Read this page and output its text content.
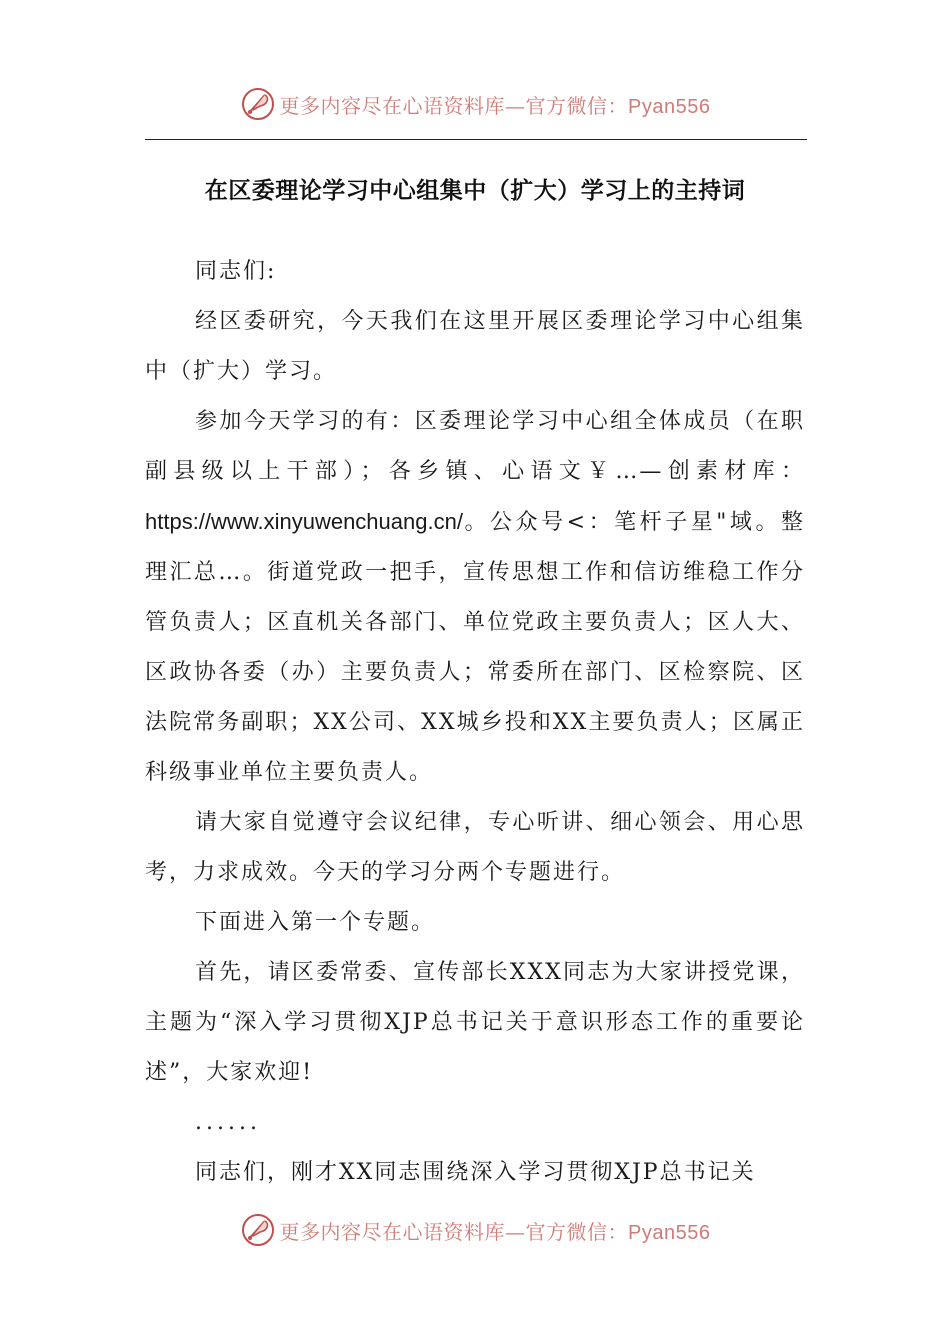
更多内容尽在心语资料库—官方微信：Pyan556
在区委理论学习中心组集中（扩大）学习上的主持词

同志们:

经区委研究，今天我们在这里开展区委理论学习中心组集中（扩大）学习。

参加今天学习的有：区委理论学习中心组全体成员（在职副县级以上干部）；各乡镇、心语文￥…—创素材库：https://www.xinyuwenchuang.cn/。公众号<：笔杆子星"域。整理汇总…。街道党政一把手，宣传思想工作和信访维稳工作分管负责人；区直机关各部门、单位党政主要负责人；区人大、区政协各委（办）主要负责人；常委所在部门、区检察院、区法院常务副职；XX公司、XX城乡投和XX主要负责人；区属正科级事业单位主要负责人。

请大家自觉遵守会议纪律，专心听讲、细心领会、用心思考，力求成效。今天的学习分两个专题进行。

下面进入第一个专题。

首先，请区委常委、宣传部长XXX同志为大家讲授党课，主题为“深入学习贯彻XJP总书记关于意识形态工作的重要论述”，大家欢迎!

......

同志们，刚才XX同志围绕深入学习贯彻XJP总书记关

更多内容尽在心语资料库—官方微信：Pyan556
